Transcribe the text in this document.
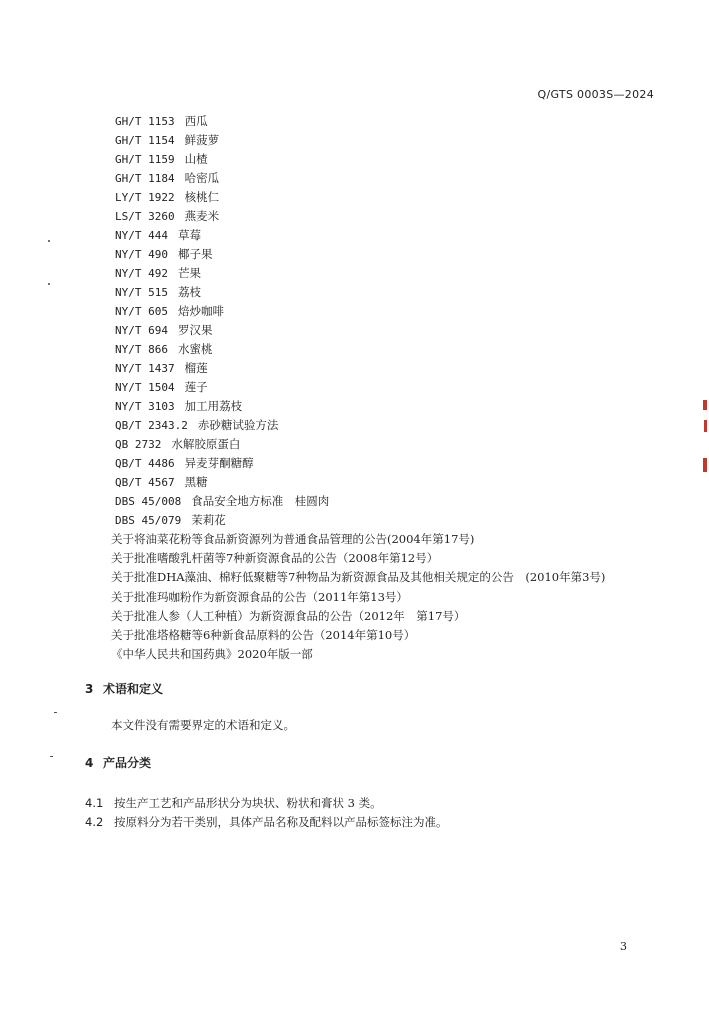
Q/GTS 0003S—2024
GH/T 1153 西瓜
GH/T 1154 鲜菠萝
GH/T 1159 山楂
GH/T 1184 哈密瓜
LY/T 1922 核桃仁
LS/T 3260 燕麦米
NY/T 444 草莓
NY/T 490 椰子果
NY/T 492 芒果
NY/T 515 荔枝
NY/T 605 焙炒咖啡
NY/T 694 罗汉果
NY/T 866 水蜜桃
NY/T 1437 榴莲
NY/T 1504 莲子
NY/T 3103 加工用荔枝
QB/T 2343.2 赤砂糖试验方法
QB 2732 水解胶原蛋白
QB/T 4486 异麦芽酮糖醇
QB/T 4567 黑糖
DBS 45/008 食品安全地方标准　桂圆肉
DBS 45/079 茉莉花
关于将油菜花粉等食品新资源列为普通食品管理的公告(2004年第17号)
关于批准嗜酸乳杆菌等7种新资源食品的公告（2008年第12号）
关于批准DHA藻油、棉籽低聚糖等7种物品为新资源食品及其他相关规定的公告　(2010年第3号)
关于批准玛咖粉作为新资源食品的公告（2011年第13号）
关于批准人参（人工种植）为新资源食品的公告（2012年　第17号）
关于批准塔格糖等6种新食品原料的公告（2014年第10号）
《中华人民共和国药典》2020年版一部
3 术语和定义
本文件没有需要界定的术语和定义。
4 产品分类
4.1 按生产工艺和产品形状分为块状、粉状和膏状 3 类。
4.2 按原料分为若干类别，具体产品名称及配料以产品标签标注为准。
3
